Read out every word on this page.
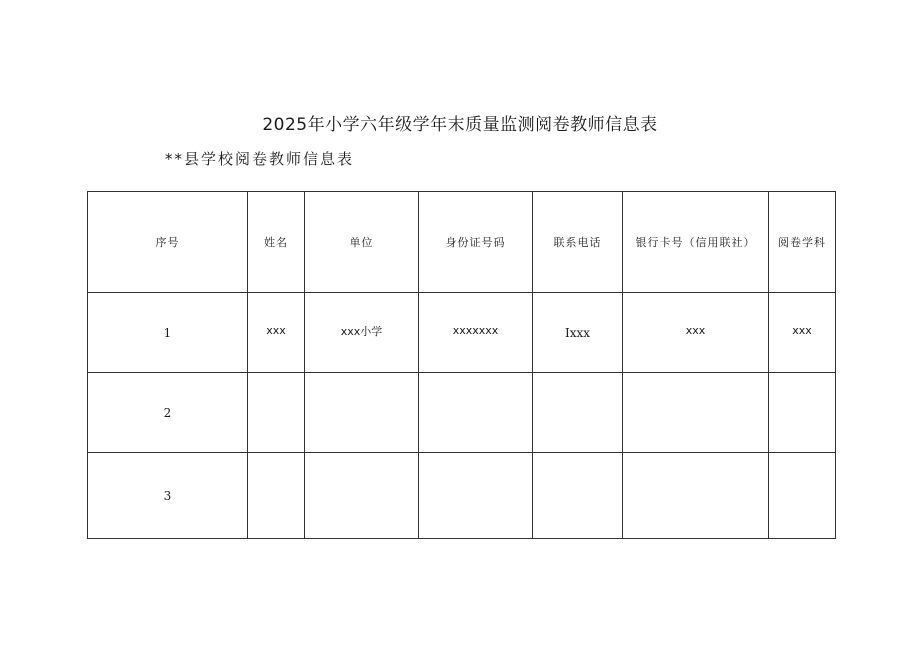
2025年小学六年级学年末质量监测阅卷教师信息表
**县学校阅卷教师信息表
序号	姓名	单位	身份证号码	联系电话	银行卡号（信用联社）	阅卷学科
1	xxx	xxx小学	xxxxxxx	Ixxx	xxx	xxx
2						
3						
